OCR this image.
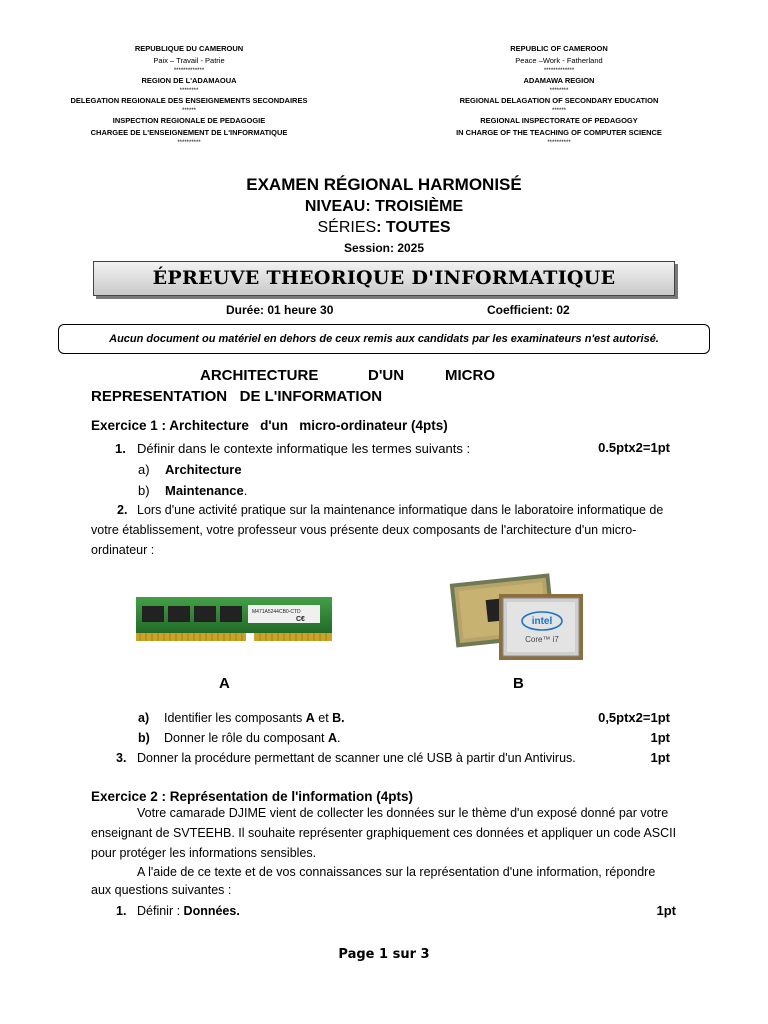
REPUBLIQUE DU CAMEROUN
Paix – Travail - Patrie
*************
REGION DE L'ADAMAOUA
********
DELEGATION REGIONALE DES ENSEIGNEMENTS SECONDAIRES
******
INSPECTION REGIONALE DE PEDAGOGIE
CHARGEE DE L'ENSEIGNEMENT DE L'INFORMATIQUE
**********
REPUBLIC OF CAMEROON
Peace –Work - Fatherland
*************
ADAMAWA REGION
********
REGIONAL DELAGATION OF SECONDARY EDUCATION
******
REGIONAL INSPECTORATE OF PEDAGOGY
IN CHARGE OF THE TEACHING OF COMPUTER SCIENCE
**********
EXAMEN RÉGIONAL HARMONISÉ
NIVEAU: TROISIÈME
SÉRIES: TOUTES
Session: 2025
ÉPREUVE THEORIQUE D'INFORMATIQUE
Durée: 01 heure 30	Coefficient: 02
Aucun document ou matériel en dehors de ceux remis aux candidats par les examinateurs n'est autorisé.
ARCHITECTURE	D'UN	MICRO
REPRESENTATION   DE L'INFORMATION
Exercice 1 : Architecture   d'un   micro-ordinateur (4pts)
1. Définir dans le contexte informatique les termes suivants :	0.5ptx2=1pt
a) Architecture
b) Maintenance.
2. Lors d'une activité pratique sur la maintenance informatique dans le laboratoire informatique de
votre établissement, votre professeur vous présente deux composants de l'architecture d'un micro-
ordinateur :
M471A5244CB0-CTD
C€	intel
Core™ i7
A	B
a) Identifier les composants A et B.	0,5ptx2=1pt
b) Donner le rôle du composant A.	1pt
3. Donner la procédure permettant de scanner une clé USB à partir d'un Antivirus.	1pt
Exercice 2 : Représentation de l'information (4pts)
Votre camarade DJIME vient de collecter les données sur le thème d'un exposé donné par votre
enseignant de SVTEEHB. Il souhaite représenter graphiquement ces données et appliquer un code ASCII
pour protéger les informations sensibles.
A l'aide de ce texte et de vos connaissances sur la représentation d'une information, répondre
aux questions suivantes :
1. Définir : Données.	1pt
Page 1 sur 3
